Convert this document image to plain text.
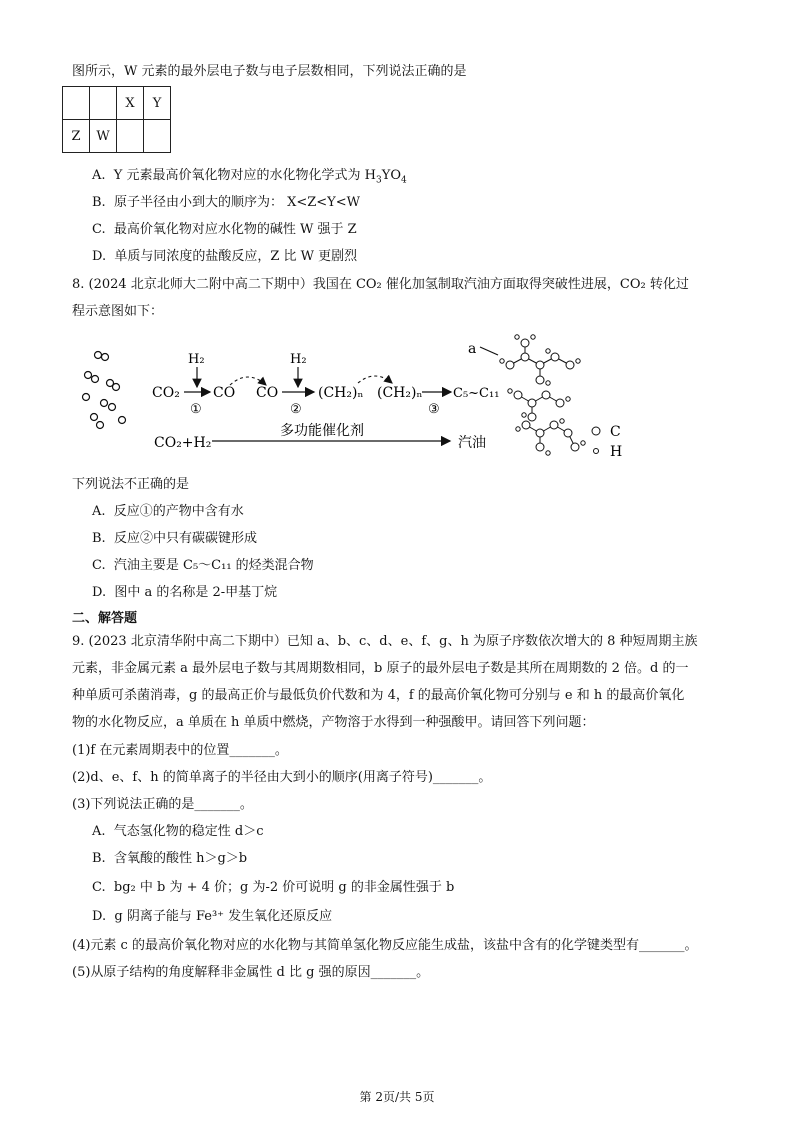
图所示，W 元素的最外层电子数与电子层数相同，下列说法正确的是
		X	Y
Z	W		
A. Y 元素最高价氧化物对应的水化物化学式为 $H_3YO_4$
B. 原子半径由小到大的顺序为： X<Z<Y<W
C. 最高价氧化物对应水化物的碱性 W 强于 Z
D. 单质与同浓度的盐酸反应，Z 比 W 更剧烈
8. (2024 北京北师大二附中高二下期中）我国在 CO₂ 催化加氢制取汽油方面取得突破性进展，CO₂ 转化过
程示意图如下：
CO₂
H₂
①
CO CO
H₂
②
(CH₂)ₙ (CH₂)ₙ
③
C₅~C₁₁
CO₂+H₂
多功能催化剂
汽油
a
C
H
下列说法不正确的是
A. 反应①的产物中含有水
B. 反应②中只有碳碳键形成
C. 汽油主要是 C₅～C₁₁ 的烃类混合物
D. 图中 a 的名称是 2-甲基丁烷
二、解答题
9. (2023 北京清华附中高二下期中）已知 a、b、c、d、e、f、g、h 为原子序数依次增大的 8 种短周期主族
元素，非金属元素 a 最外层电子数与其周期数相同，b 原子的最外层电子数是其所在周期数的 2 倍。d 的一
种单质可杀菌消毒，g 的最高正价与最低负价代数和为 4，f 的最高价氧化物可分别与 e 和 h 的最高价氧化
物的水化物反应，a 单质在 h 单质中燃烧，产物溶于水得到一种强酸甲。请回答下列问题：
(1)f 在元素周期表中的位置_______。
(2)d、e、f、h 的简单离子的半径由大到小的顺序(用离子符号)_______。
(3)下列说法正确的是_______。
A. 气态氢化物的稳定性 d＞c
B. 含氧酸的酸性 h＞g＞b
C. bg₂ 中 b 为 + 4 价；g 为-2 价可说明 g 的非金属性强于 b
D. g 阴离子能与 Fe³⁺ 发生氧化还原反应
(4)元素 c 的最高价氧化物对应的水化物与其简单氢化物反应能生成盐，该盐中含有的化学键类型有_______。
(5)从原子结构的角度解释非金属性 d 比 g 强的原因_______。
第 2页/共 5页
